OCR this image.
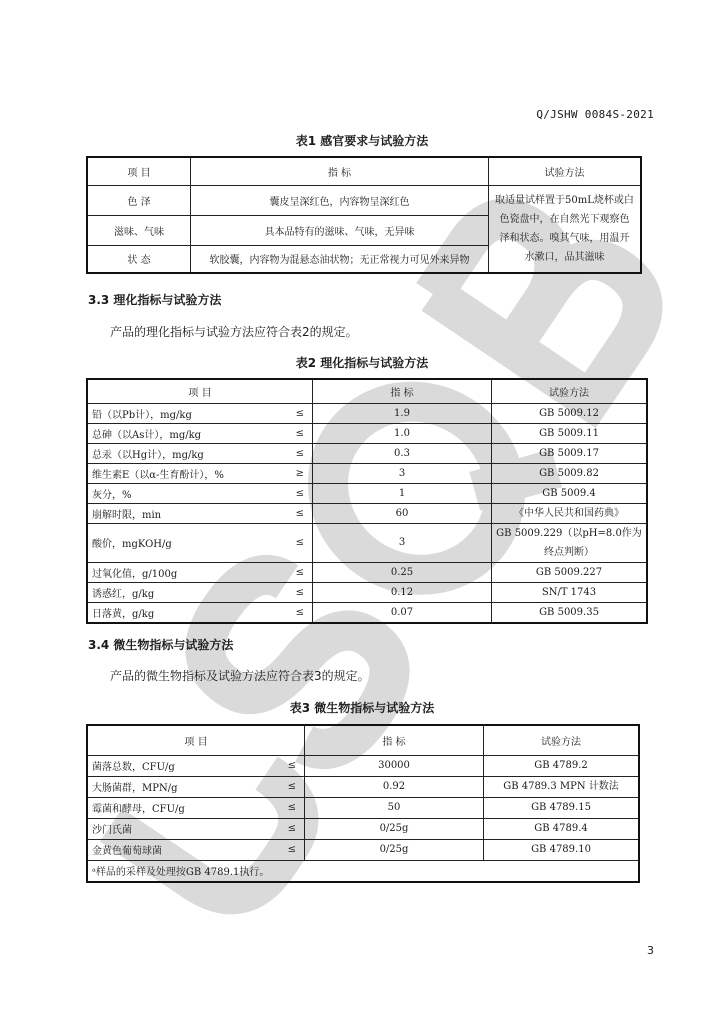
Q/JSHW 0084S-2021
表1 感官要求与试验方法
项 目	指 标	试验方法
色 泽	囊皮呈深红色，内容物呈深红色	取适量试样置于50mL烧杯或白色瓷盘中，在自然光下观察色泽和状态。嗅其气味，用温开水漱口，品其滋味
滋味、气味	具本品特有的滋味、气味，无异味	
状 态	软胶囊，内容物为混悬态油状物；无正常视力可见外来异物	
3.3 理化指标与试验方法
产品的理化指标与试验方法应符合表2的规定。
表2 理化指标与试验方法
项 目		指 标	试验方法
铅（以Pb计），mg/kg	≤	1.9	GB 5009.12
总砷（以As计），mg/kg	≤	1.0	GB 5009.11
总汞（以Hg计），mg/kg	≤	0.3	GB 5009.17
维生素E（以α-生育酚计），%	≥	3	GB 5009.82
灰分，%	≤	1	GB 5009.4
崩解时限，min	≤	60	《中华人民共和国药典》
酸价，mgKOH/g	≤	3	GB 5009.229（以pH=8.0作为终点判断）
过氧化值，g/100g	≤	0.25	GB 5009.227
诱惑红，g/kg	≤	0.12	SN/T 1743
日落黄，g/kg	≤	0.07	GB 5009.35
3.4 微生物指标与试验方法
产品的微生物指标及试验方法应符合表3的规定。
表3 微生物指标与试验方法
项 目		指 标	试验方法
菌落总数，CFU/g	≤	30000	GB 4789.2
大肠菌群，MPN/g	≤	0.92	GB 4789.3 MPN 计数法
霉菌和酵母，CFU/g	≤	50	GB 4789.15
沙门氏菌	≤	0/25g	GB 4789.4
金黄色葡萄球菌	≤	0/25g	GB 4789.10
ᵃ样品的采样及处理按GB 4789.1执行。			
3
